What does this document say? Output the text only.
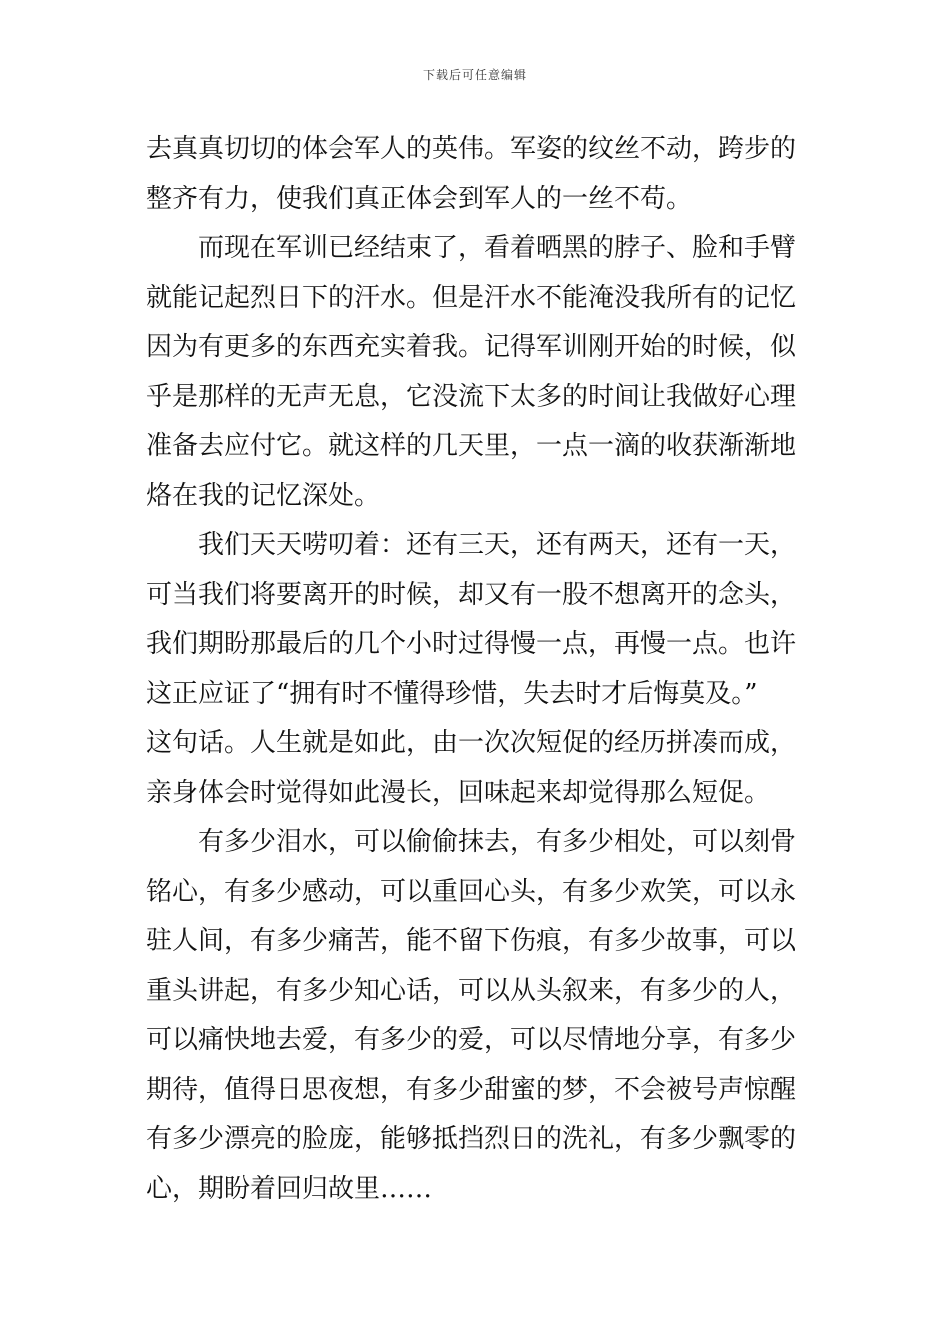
下载后可任意编辑
去真真切切的体会军人的英伟。军姿的纹丝不动，跨步的
整齐有力，使我们真正体会到军人的一丝不苟。
而现在军训已经结束了，看着晒黑的脖子、脸和手臂
就能记起烈日下的汗水。但是汗水不能淹没我所有的记忆
因为有更多的东西充实着我。记得军训刚开始的时候，似
乎是那样的无声无息，它没流下太多的时间让我做好心理
准备去应付它。就这样的几天里，一点一滴的收获渐渐地
烙在我的记忆深处。
我们天天唠叨着：还有三天，还有两天，还有一天，
可当我们将要离开的时候，却又有一股不想离开的念头，
我们期盼那最后的几个小时过得慢一点，再慢一点。也许
这正应证了“拥有时不懂得珍惜，失去时才后悔莫及。”
这句话。人生就是如此，由一次次短促的经历拼凑而成，
亲身体会时觉得如此漫长，回味起来却觉得那么短促。
有多少泪水，可以偷偷抹去，有多少相处，可以刻骨
铭心，有多少感动，可以重回心头，有多少欢笑，可以永
驻人间，有多少痛苦，能不留下伤痕，有多少故事，可以
重头讲起，有多少知心话，可以从头叙来，有多少的人，
可以痛快地去爱，有多少的爱，可以尽情地分享，有多少
期待，值得日思夜想，有多少甜蜜的梦，不会被号声惊醒
有多少漂亮的脸庞，能够抵挡烈日的洗礼，有多少飘零的
心，期盼着回归故里……
